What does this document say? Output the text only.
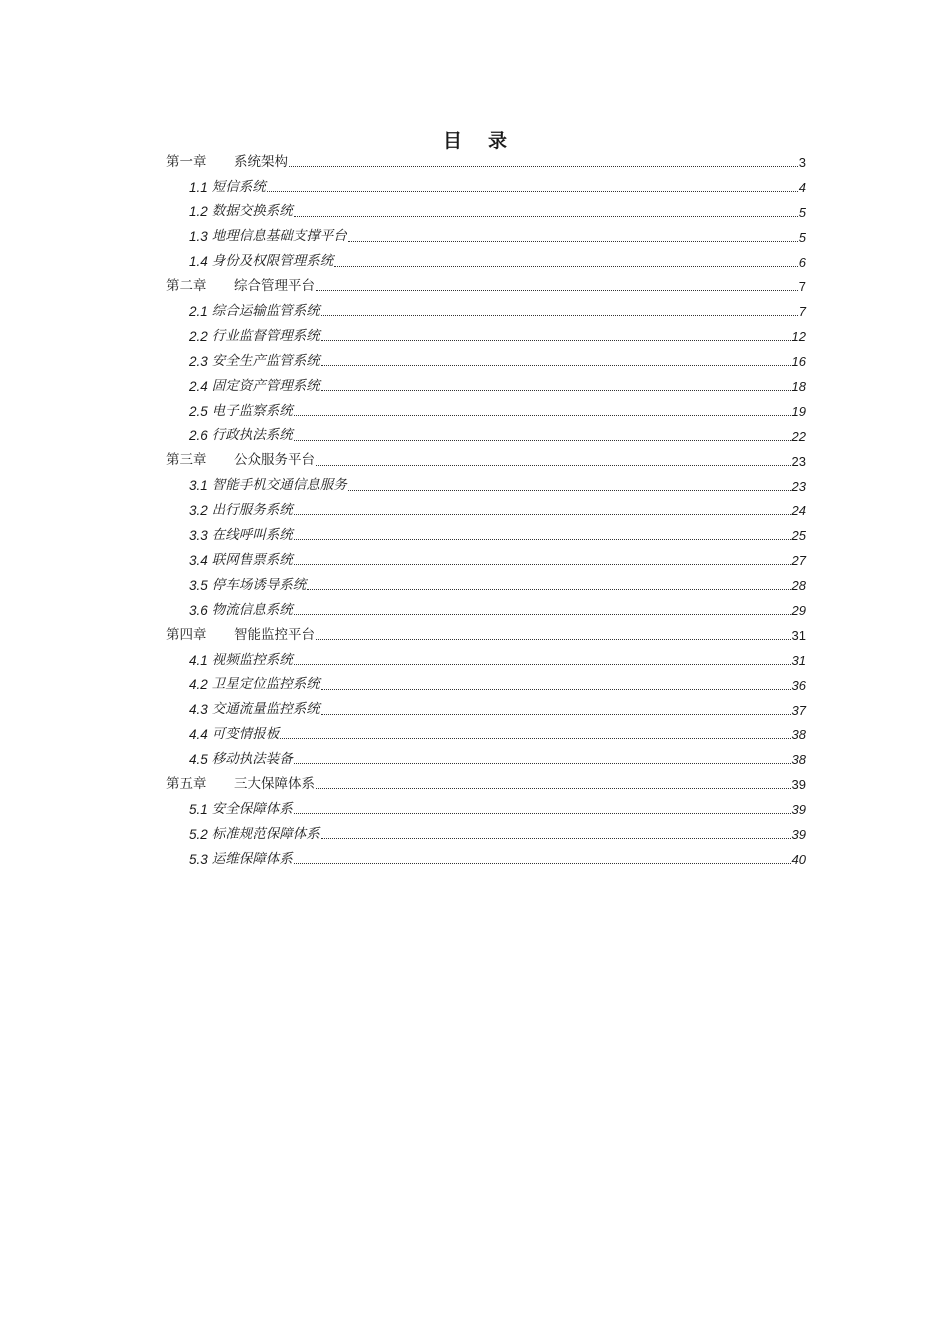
目 录
第一章	系统架构	3
1.1 短信系统	4
1.2 数据交换系统	5
1.3 地理信息基础支撑平台	5
1.4 身份及权限管理系统	6
第二章	综合管理平台	7
2.1 综合运输监管系统	7
2.2 行业监督管理系统	12
2.3 安全生产监管系统	16
2.4 固定资产管理系统	18
2.5 电子监察系统	19
2.6 行政执法系统	22
第三章	公众服务平台	23
3.1 智能手机交通信息服务	23
3.2 出行服务系统	24
3.3 在线呼叫系统	25
3.4 联网售票系统	27
3.5 停车场诱导系统	28
3.6 物流信息系统	29
第四章	智能监控平台	31
4.1 视频监控系统	31
4.2 卫星定位监控系统	36
4.3 交通流量监控系统	37
4.4 可变情报板	38
4.5 移动执法装备	38
第五章	三大保障体系	39
5.1 安全保障体系	39
5.2 标准规范保障体系	39
5.3 运维保障体系	40
